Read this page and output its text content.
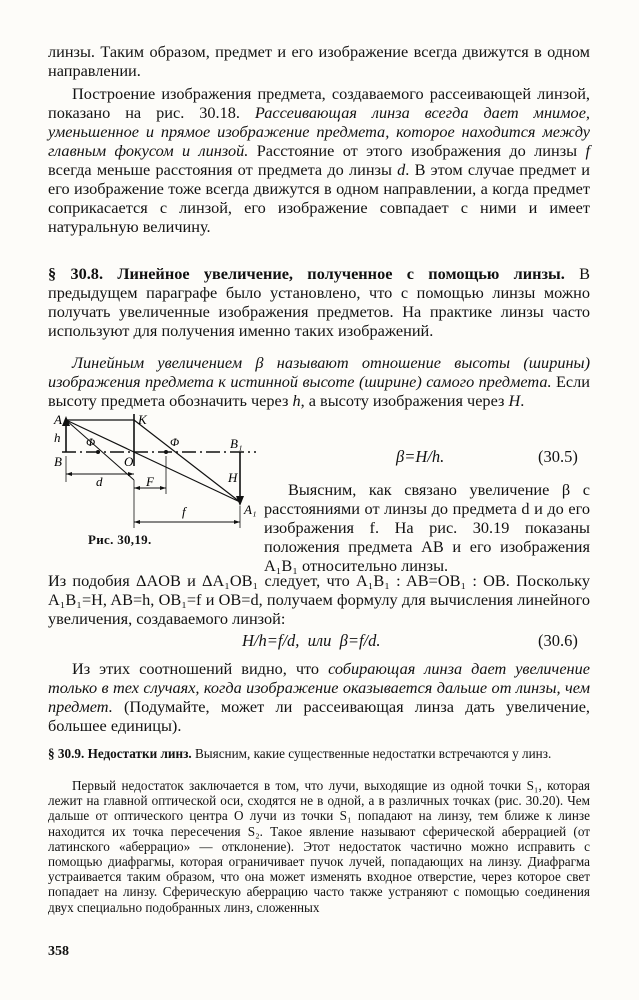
линзы. Таким образом, предмет и его изображение всегда движутся в одном направлении.

Построение изображения предмета, создаваемого рассеивающей линзой, показано на рис. 30.18. Рассеивающая линза всегда дает мнимое, уменьшенное и прямое изображение предмета, которое находится между главным фокусом и линзой. Расстояние от этого изображения до линзы f всегда меньше расстояния от предмета до линзы d. В этом случае предмет и его изображение тоже всегда движутся в одном направлении, а когда предмет соприкасается с линзой, его изображение совпадает с ними и имеет натуральную величину.

§ 30.8. Линейное увеличение, полученное с помощью линзы. В предыдущем параграфе было установлено, что с помощью линзы можно получать увеличенные изображения предметов. На практике линзы часто используют для получения именно таких изображений.

Линейным увеличением β называют отношение высоты (ширины) изображения предмета к истинной высоте (ширине) самого предмета. Если высоту предмета обозначить через h, а высоту изображения через H.

A	K
h Φ	Φ	B₁
B	O
d	F	H
A₁
f
Рис. 30,19.
β=H/h.	(30.5)

Выясним, как связано увеличение β с расстояниями от линзы до предмета d и до его изображения f. На рис. 30.19 показаны положения предмета AB и его изображения A₁B₁ относительно линзы.

Из подобия ΔAOB и ΔA₁OB₁ следует, что A₁B₁ : AB=OB₁ : OB. Поскольку A₁B₁=H, AB=h, OB₁=f и OB=d, получаем формулу для вычисления линейного увеличения, создаваемого линзой:

H/h=f/d,  или  β=f/d.	(30.6)

Из этих соотношений видно, что собирающая линза дает увеличение только в тех случаях, когда изображение оказывается дальше от линзы, чем предмет. (Подумайте, может ли рассеивающая линза дать увеличение, большее единицы).

§ 30.9. Недостатки линз. Выясним, какие существенные недостатки встречаются у линз.

Первый недостаток заключается в том, что лучи, выходящие из одной точки S₁, которая лежит на главной оптической оси, сходятся не в одной, а в различных точках (рис. 30.20). Чем дальше от оптического центра O лучи из точки S₁ попадают на линзу, тем ближе к линзе находится их точка пересечения S₂. Такое явление называют сферической аберрацией (от латинского «аберрацио» — отклонение). Этот недостаток частично можно исправить с помощью диафрагмы, которая ограничивает пучок лучей, попадающих на линзу. Диафрагма устраивается таким образом, что она может изменять входное отверстие, через которое свет попадает на линзу. Сферическую аберрацию часто также устраняют с помощью соединения двух специально подобранных линз, сложенных

358
